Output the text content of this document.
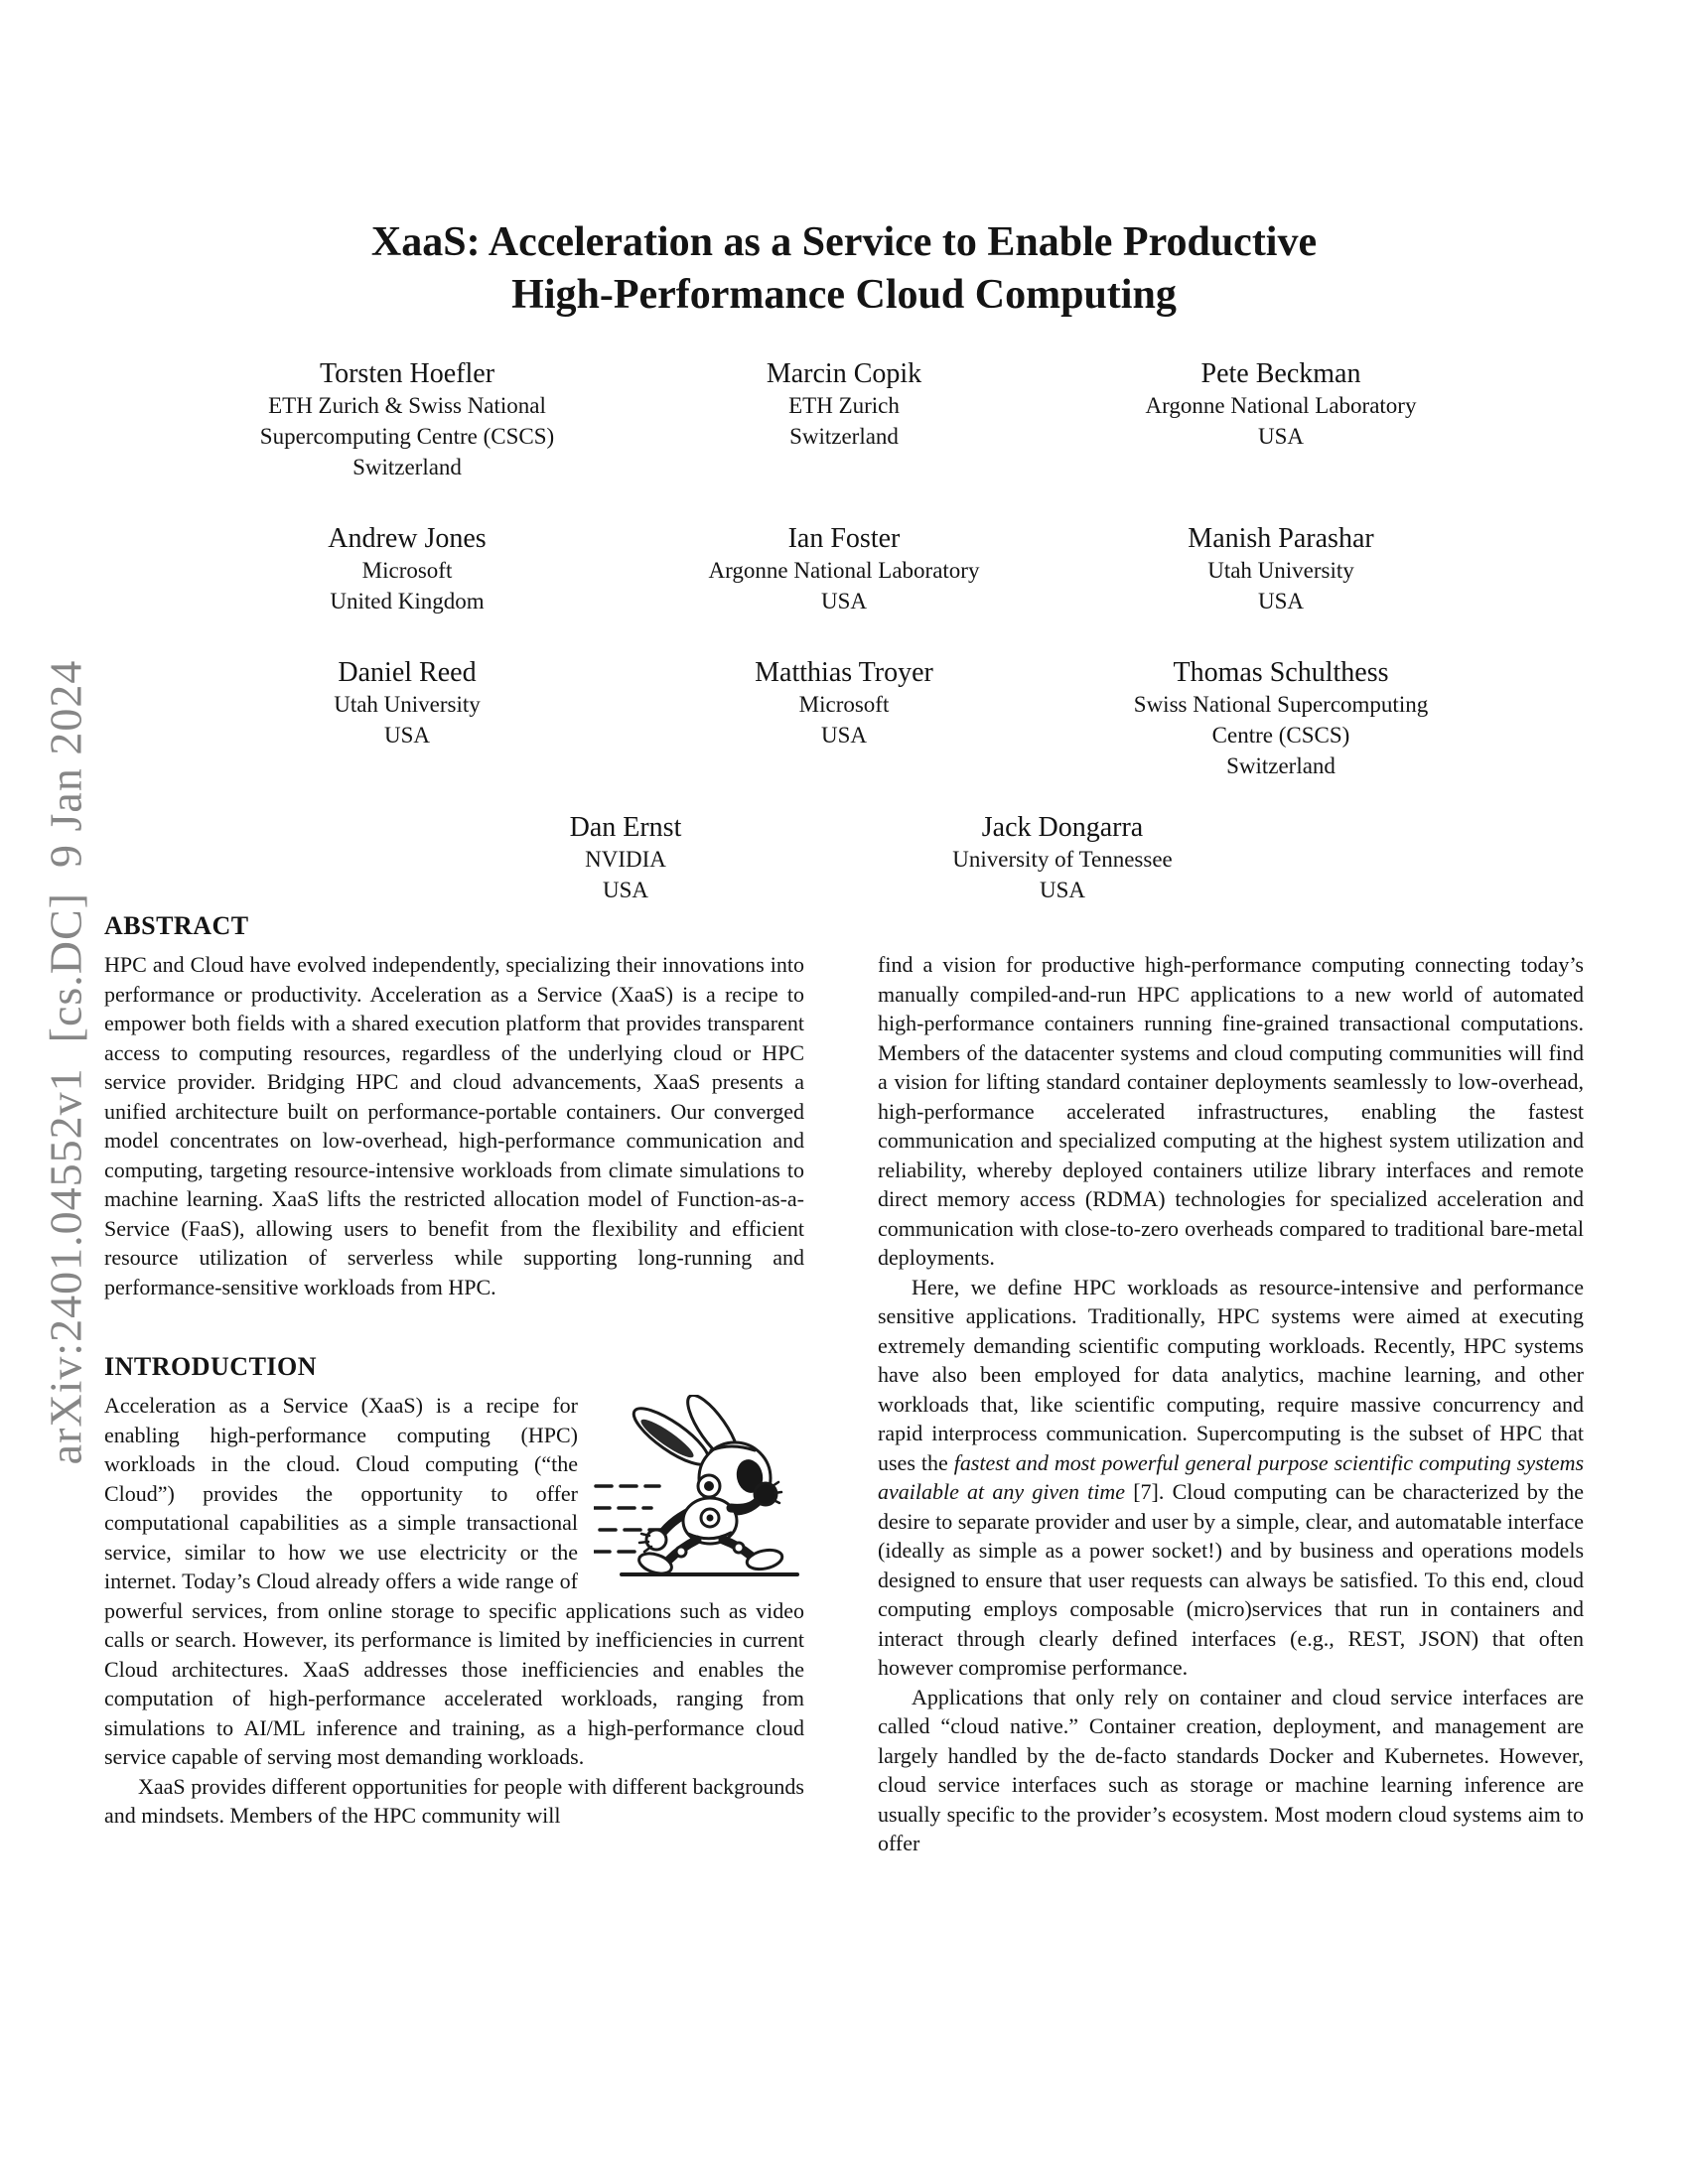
arXiv:2401.04552v1  [cs.DC]  9 Jan 2024
XaaS: Acceleration as a Service to Enable Productive
High-Performance Cloud Computing
Torsten Hoefler
ETH Zurich & Swiss National
Supercomputing Centre (CSCS)
Switzerland
Marcin Copik
ETH Zurich
Switzerland
Pete Beckman
Argonne National Laboratory
USA
Andrew Jones
Microsoft
United Kingdom
Ian Foster
Argonne National Laboratory
USA
Manish Parashar
Utah University
USA
Daniel Reed
Utah University
USA
Matthias Troyer
Microsoft
USA
Thomas Schulthess
Swiss National Supercomputing
Centre (CSCS)
Switzerland
Dan Ernst
NVIDIA
USA
Jack Dongarra
University of Tennessee
USA
ABSTRACT

HPC and Cloud have evolved independently, specializing their innovations into performance or productivity. Acceleration as a Service (XaaS) is a recipe to empower both fields with a shared execution platform that provides transparent access to computing resources, regardless of the underlying cloud or HPC service provider. Bridging HPC and cloud advancements, XaaS presents a unified architecture built on performance-portable containers. Our converged model concentrates on low-overhead, high-performance communication and computing, targeting resource-intensive workloads from climate simulations to machine learning. XaaS lifts the restricted allocation model of Function-as-a-Service (FaaS), allowing users to benefit from the flexibility and efficient resource utilization of serverless while supporting long-running and performance-sensitive workloads from HPC.

INTRODUCTION

Acceleration as a Service (XaaS) is a recipe for enabling high-performance computing (HPC) workloads in the cloud. Cloud computing (“the Cloud”) provides the opportunity to offer computational capabilities as a simple transactional service, similar to how we use electricity or the internet. Today’s Cloud already offers a wide range of powerful services, from online storage to specific applications such as video calls or search. However, its performance is limited by inefficiencies in current Cloud architectures. XaaS addresses those inefficiencies and enables the computation of high-performance accelerated workloads, ranging from simulations to AI/ML inference and training, as a high-performance cloud service capable of serving most demanding workloads.

XaaS provides different opportunities for people with different backgrounds and mindsets. Members of the HPC community will

find a vision for productive high-performance computing connecting today’s manually compiled-and-run HPC applications to a new world of automated high-performance containers running fine-grained transactional computations. Members of the datacenter systems and cloud computing communities will find a vision for lifting standard container deployments seamlessly to low-overhead, high-performance accelerated infrastructures, enabling the fastest communication and specialized computing at the highest system utilization and reliability, whereby deployed containers utilize library interfaces and remote direct memory access (RDMA) technologies for specialized acceleration and communication with close-to-zero overheads compared to traditional bare-metal deployments.

Here, we define HPC workloads as resource-intensive and performance sensitive applications. Traditionally, HPC systems were aimed at executing extremely demanding scientific computing workloads. Recently, HPC systems have also been employed for data analytics, machine learning, and other workloads that, like scientific computing, require massive concurrency and rapid interprocess communication. Supercomputing is the subset of HPC that uses the fastest and most powerful general purpose scientific computing systems available at any given time [7]. Cloud computing can be characterized by the desire to separate provider and user by a simple, clear, and automatable interface (ideally as simple as a power socket!) and by business and operations models designed to ensure that user requests can always be satisfied. To this end, cloud computing employs composable (micro)services that run in containers and interact through clearly defined interfaces (e.g., REST, JSON) that often however compromise performance.

Applications that only rely on container and cloud service interfaces are called “cloud native.” Container creation, deployment, and management are largely handled by the de-facto standards Docker and Kubernetes. However, cloud service interfaces such as storage or machine learning inference are usually specific to the provider’s ecosystem. Most modern cloud systems aim to offer
